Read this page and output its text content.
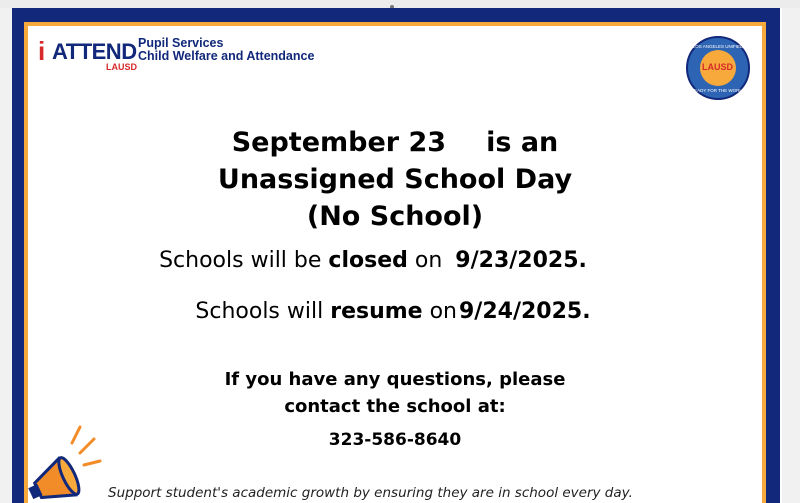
i ATTEND
LAUSD
Pupil Services
Child Welfare and Attendance
LOS ANGELES UNIFIED
LAUSD
READY FOR THE WORLD
September 23 is an
Unassigned School Day
(No School)
Schools will be closed on 9/23/2025.
Schools will resume on9/24/2025.
If you have any questions, please
contact the school at:
323-586-8640
Support student's academic growth by ensuring they are in school every day.
